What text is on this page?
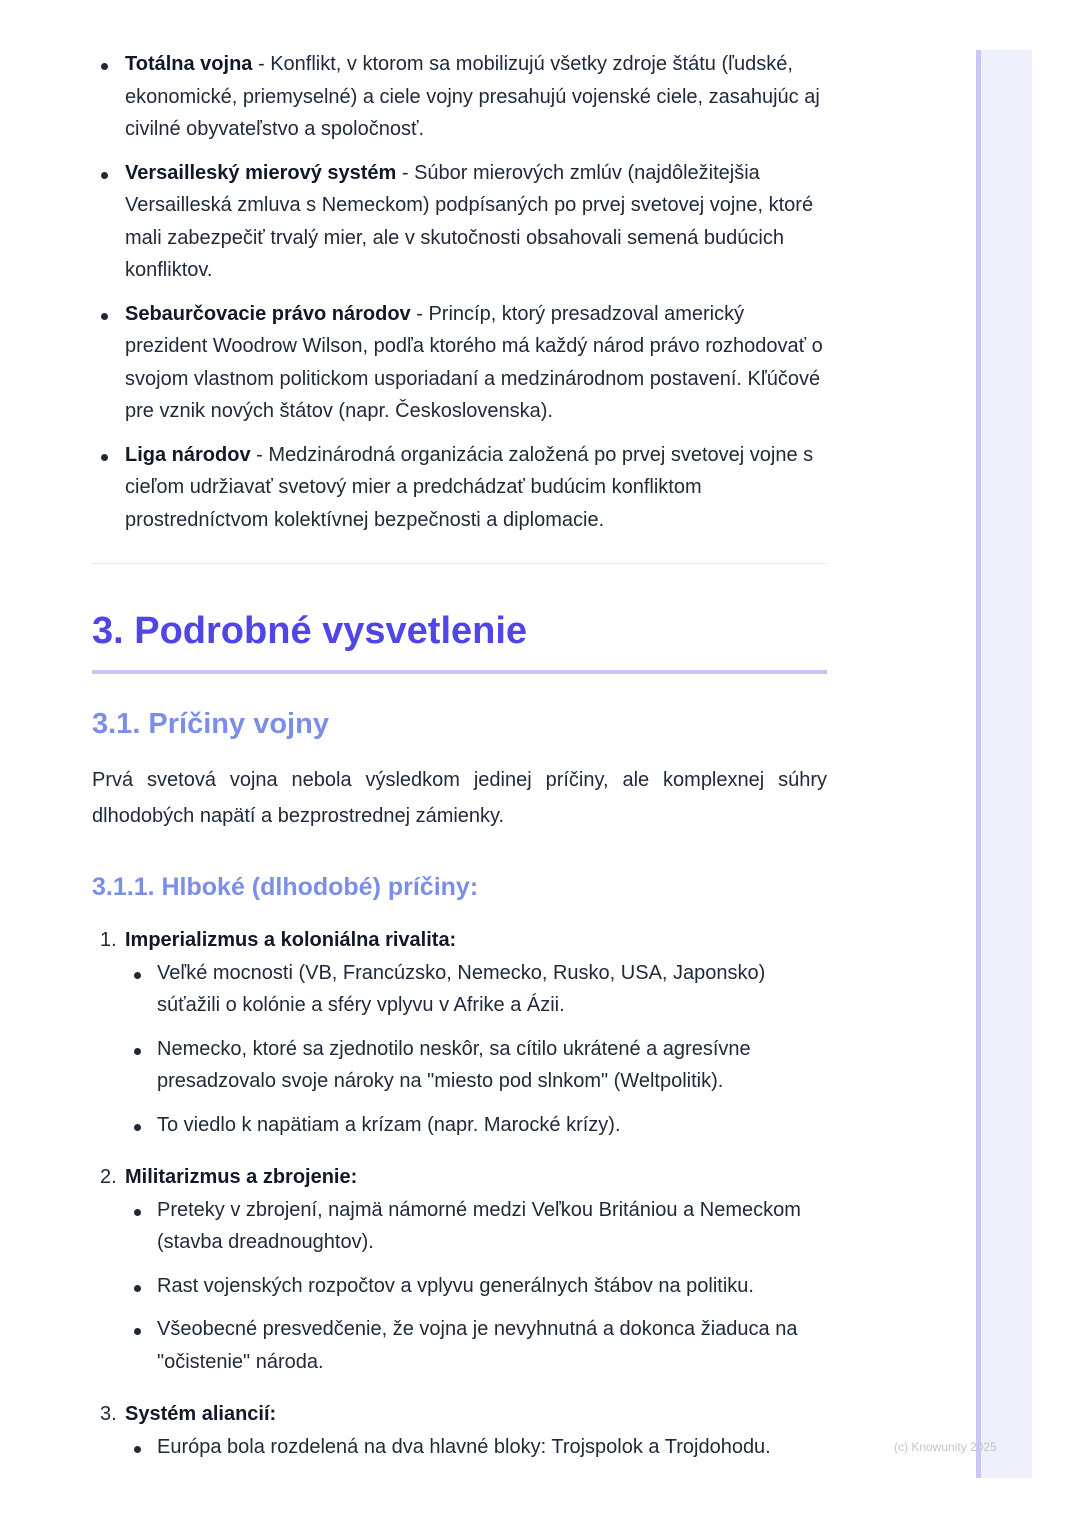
Totálna vojna - Konflikt, v ktorom sa mobilizujú všetky zdroje štátu (ľudské, ekonomické, priemyselné) a ciele vojny presahujú vojenské ciele, zasahujúc aj civilné obyvateľstvo a spoločnosť.
Versailleský mierový systém - Súbor mierových zmlúv (najdôležitejšia Versailleská zmluva s Nemeckom) podpísaných po prvej svetovej vojne, ktoré mali zabezpečiť trvalý mier, ale v skutočnosti obsahovali semená budúcich konfliktov.
Sebaurčovacie právo národov - Princíp, ktorý presadzoval americký prezident Woodrow Wilson, podľa ktorého má každý národ právo rozhodovať o svojom vlastnom politickom usporiadaní a medzinárodnom postavení. Kľúčové pre vznik nových štátov (napr. Československa).
Liga národov - Medzinárodná organizácia založená po prvej svetovej vojne s cieľom udržiavať svetový mier a predchádzať budúcim konfliktom prostredníctvom kolektívnej bezpečnosti a diplomacie.
3. Podrobné vysvetlenie
3.1. Príčiny vojny

Prvá svetová vojna nebola výsledkom jedinej príčiny, ale komplexnej súhry dlhodobých napätí a bezprostrednej zámienky.

3.1.1. Hlboké (dlhodobé) príčiny:
1. Imperializmus a koloniálna rivalita:
Veľké mocnosti (VB, Francúzsko, Nemecko, Rusko, USA, Japonsko) súťažili o kolónie a sféry vplyvu v Afrike a Ázii.
Nemecko, ktoré sa zjednotilo neskôr, sa cítilo ukrátené a agresívne presadzovalo svoje nároky na "miesto pod slnkom" (Weltpolitik).
To viedlo k napätiam a krízam (napr. Marocké krízy).
2. Militarizmus a zbrojenie:
Preteky v zbrojení, najmä námorné medzi Veľkou Britániou a Nemeckom (stavba dreadnoughtov).
Rast vojenských rozpočtov a vplyvu generálnych štábov na politiku.
Všeobecné presvedčenie, že vojna je nevyhnutná a dokonca žiaduca na "očistenie" národa.
3. Systém aliancií:
Európa bola rozdelená na dva hlavné bloky: Trojspolok a Trojdohodu.	(c) Knowunity 2025
